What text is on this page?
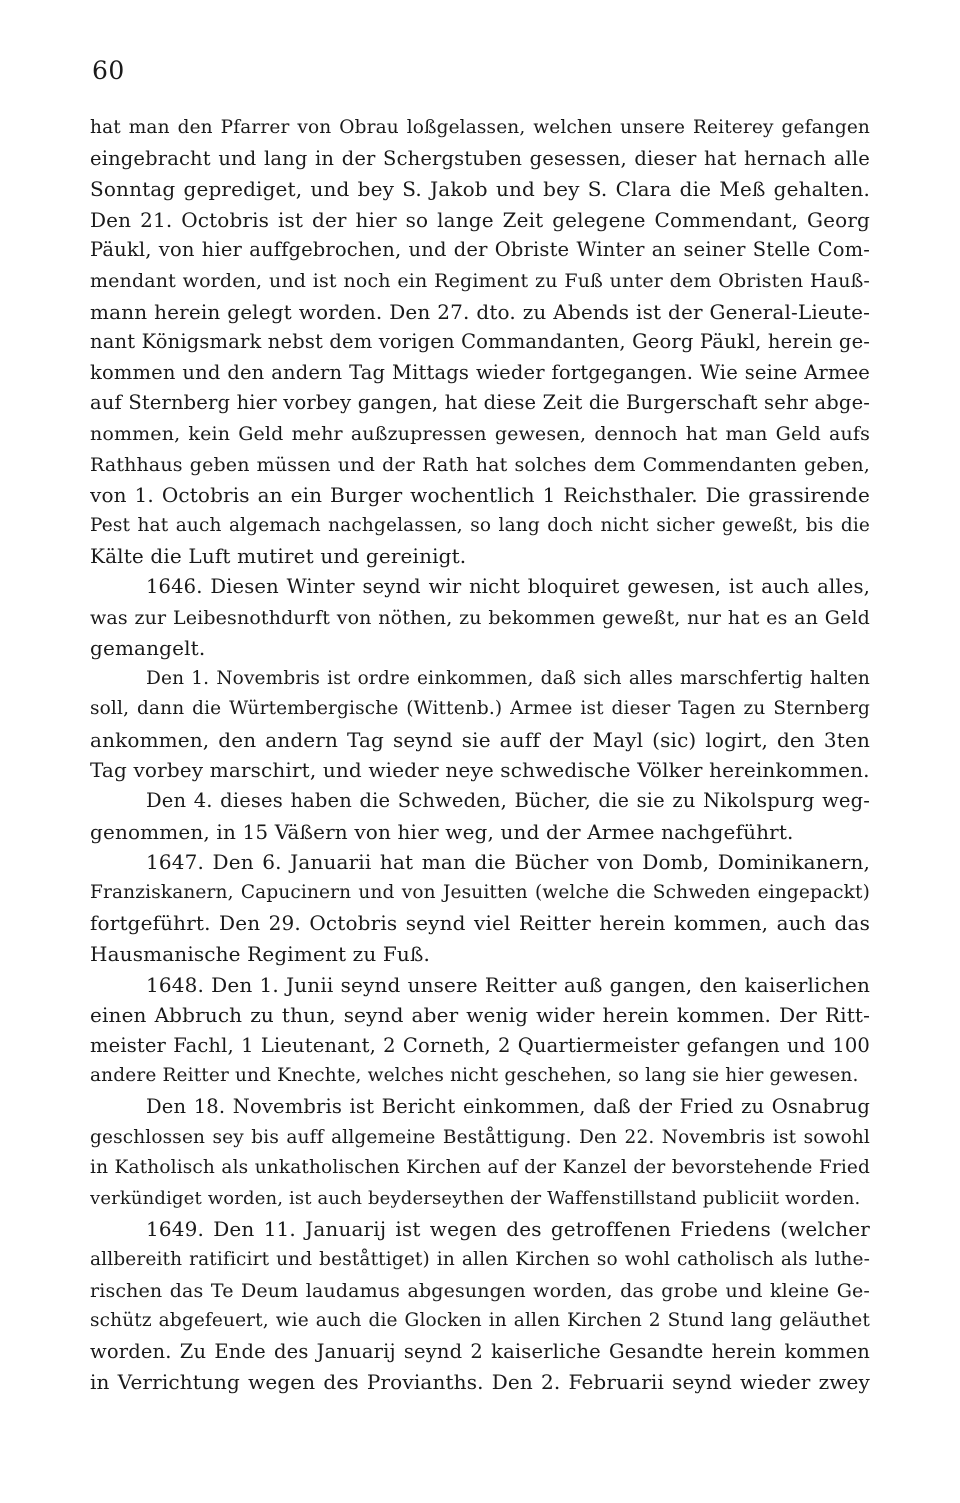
60
hat man den Pfarrer von Obrau loßgelassen, welchen unsere Reiterey gefangen
eingebracht und lang in der Schergstuben gesessen, dieser hat hernach alle
Sonntag geprediget, und bey S. Jakob und bey S. Clara die Meß gehalten.
Den 21. Octobris ist der hier so lange Zeit gelegene Commendant, Georg
Päukl, von hier auffgebrochen, und der Obriste Winter an seiner Stelle Com-
mendant worden, und ist noch ein Regiment zu Fuß unter dem Obristen Hauß-
mann herein gelegt worden. Den 27. dto. zu Abends ist der General-Lieute-
nant Königsmark nebst dem vorigen Commandanten, Georg Päukl, herein ge-
kommen und den andern Tag Mittags wieder fortgegangen. Wie seine Armee
auf Sternberg hier vorbey gangen, hat diese Zeit die Burgerschaft sehr abge-
nommen, kein Geld mehr außzupressen gewesen, dennoch hat man Geld aufs
Rathhaus geben müssen und der Rath hat solches dem Commendanten geben,
von 1. Octobris an ein Burger wochentlich 1 Reichsthaler. Die grassirende
Pest hat auch algemach nachgelassen, so lang doch nicht sicher geweßt, bis die
Kälte die Luft mutiret und gereinigt.
1646. Diesen Winter seynd wir nicht bloquiret gewesen, ist auch alles,
was zur Leibesnothdurft von nöthen, zu bekommen geweßt, nur hat es an Geld
gemangelt.
Den 1. Novembris ist ordre einkommen, daß sich alles marschfertig halten
soll, dann die Würtembergische (Wittenb.) Armee ist dieser Tagen zu Sternberg
ankommen, den andern Tag seynd sie auff der Mayl (sic) logirt, den 3ten
Tag vorbey marschirt, und wieder neye schwedische Völker hereinkommen.
Den 4. dieses haben die Schweden, Bücher, die sie zu Nikolspurg weg-
genommen, in 15 Väßern von hier weg, und der Armee nachgeführt.
1647. Den 6. Januarii hat man die Bücher von Domb, Dominikanern,
Franziskanern, Capucinern und von Jesuitten (welche die Schweden eingepackt)
fortgeführt. Den 29. Octobris seynd viel Reitter herein kommen, auch das
Hausmanische Regiment zu Fuß.
1648. Den 1. Junii seynd unsere Reitter auß gangen, den kaiserlichen
einen Abbruch zu thun, seynd aber wenig wider herein kommen. Der Ritt-
meister Fachl, 1 Lieutenant, 2 Corneth, 2 Quartiermeister gefangen und 100
andere Reitter und Knechte, welches nicht geschehen, so lang sie hier gewesen.
Den 18. Novembris ist Bericht einkommen, daß der Fried zu Osnabrug
geschlossen sey bis auff allgemeine Beståttigung. Den 22. Novembris ist sowohl
in Katholisch als unkatholischen Kirchen auf der Kanzel der bevorstehende Fried
verkündiget worden, ist auch beyderseythen der Waffenstillstand publiciit worden.
1649. Den 11. Januarij ist wegen des getroffenen Friedens (welcher
allbereith ratificirt und beståttiget) in allen Kirchen so wohl catholisch als luthe-
rischen das Te Deum laudamus abgesungen worden, das grobe und kleine Ge-
schütz abgefeuert, wie auch die Glocken in allen Kirchen 2 Stund lang geläuthet
worden. Zu Ende des Januarij seynd 2 kaiserliche Gesandte herein kommen
in Verrichtung wegen des Provianths. Den 2. Februarii seynd wieder zwey
